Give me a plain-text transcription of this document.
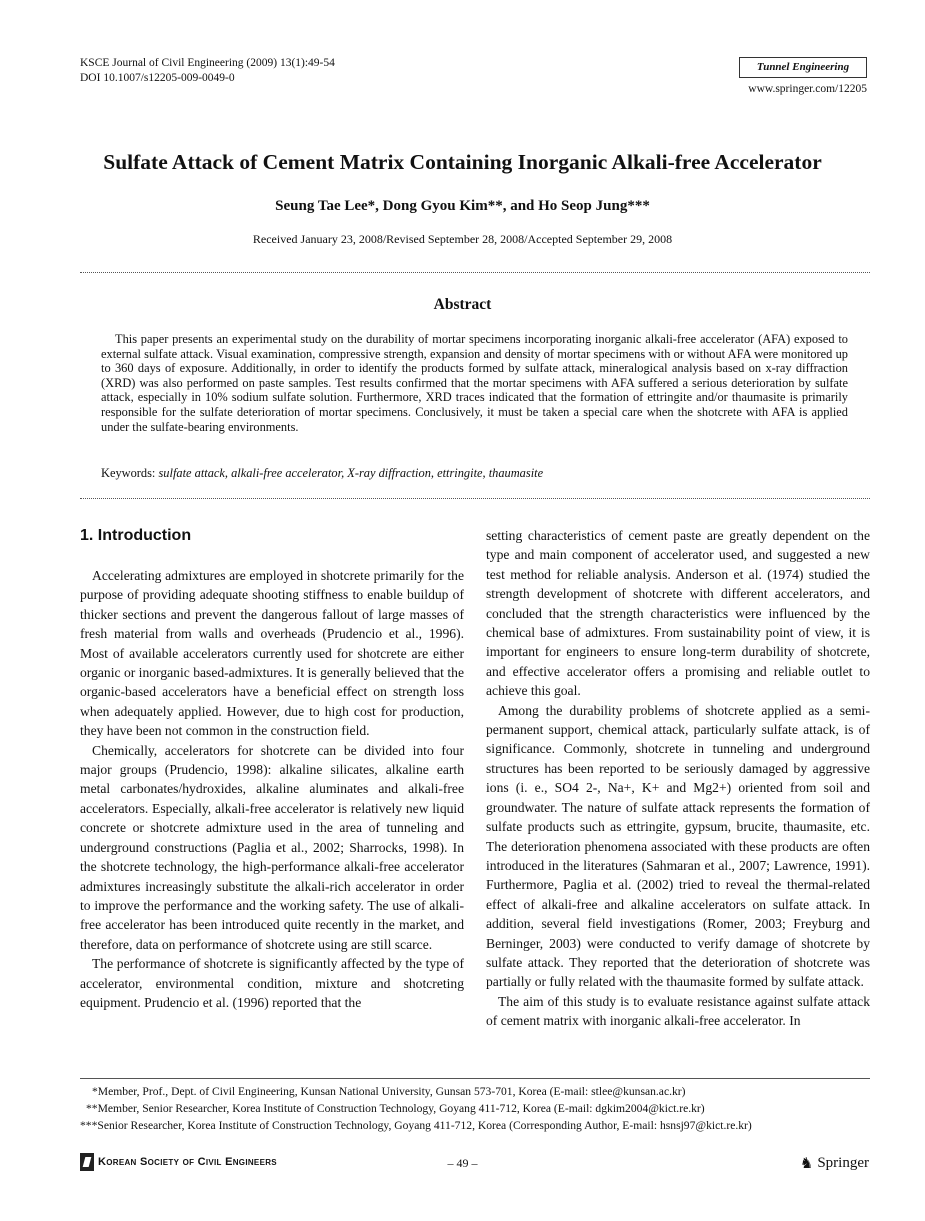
KSCE Journal of Civil Engineering (2009) 13(1):49-54
DOI 10.1007/s12205-009-0049-0
Tunnel Engineering
www.springer.com/12205
Sulfate Attack of Cement Matrix Containing Inorganic Alkali-free Accelerator
Seung Tae Lee*, Dong Gyou Kim**, and Ho Seop Jung***
Received January 23, 2008/Revised September 28, 2008/Accepted September 29, 2008
Abstract
This paper presents an experimental study on the durability of mortar specimens incorporating inorganic alkali-free accelerator (AFA) exposed to external sulfate attack. Visual examination, compressive strength, expansion and density of mortar specimens with or without AFA were monitored up to 360 days of exposure. Additionally, in order to identify the products formed by sulfate attack, mineralogical analysis based on x-ray diffraction (XRD) was also performed on paste samples. Test results confirmed that the mortar specimens with AFA suffered a serious deterioration by sulfate attack, especially in 10% sodium sulfate solution. Furthermore, XRD traces indicated that the formation of ettringite and/or thaumasite is primarily responsible for the sulfate deterioration of mortar specimens. Conclusively, it must be taken a special care when the shotcrete with AFA is applied under the sulfate-bearing environments.
Keywords: sulfate attack, alkali-free accelerator, X-ray diffraction, ettringite, thaumasite
1. Introduction

Accelerating admixtures are employed in shotcrete primarily for the purpose of providing adequate shooting stiffness to enable buildup of thicker sections and prevent the dangerous fallout of large masses of fresh material from walls and overheads (Prudencio et al., 1996). Most of available accelerators currently used for shotcrete are either organic or inorganic based-admixtures. It is generally believed that the organic-based accelerators have a beneficial effect on strength loss when adequately applied. However, due to high cost for production, they have been not common in the construction field.

Chemically, accelerators for shotcrete can be divided into four major groups (Prudencio, 1998): alkaline silicates, alkaline earth metal carbonates/hydroxides, alkaline aluminates and alkali-free accelerators. Especially, alkali-free accelerator is relatively new liquid concrete or shotcrete admixture used in the area of tunneling and underground constructions (Paglia et al., 2002; Sharrocks, 1998). In the shotcrete technology, the high-performance alkali-free accelerator admixtures increasingly substitute the alkali-rich accelerator in order to improve the performance and the working safety. The use of alkali-free accelerator has been introduced quite recently in the market, and therefore, data on performance of shotcrete using are still scarce.

The performance of shotcrete is significantly affected by the type of accelerator, environmental condition, mixture and shotcreting equipment. Prudencio et al. (1996) reported that the

setting characteristics of cement paste are greatly dependent on the type and main component of accelerator used, and suggested a new test method for reliable analysis. Anderson et al. (1974) studied the strength development of shotcrete with different accelerators, and concluded that the strength characteristics were influenced by the chemical base of admixtures. From sustainability point of view, it is important for engineers to ensure long-term durability of shotcrete, and effective accelerator offers a promising and reliable outlet to achieve this goal.

Among the durability problems of shotcrete applied as a semi-permanent support, chemical attack, particularly sulfate attack, is of significance. Commonly, shotcrete in tunneling and underground structures has been reported to be seriously damaged by aggressive ions (i. e., SO4 2-, Na+, K+ and Mg2+) oriented from soil and groundwater. The nature of sulfate attack represents the formation of sulfate products such as ettringite, gypsum, brucite, thaumasite, etc. The deterioration phenomena associated with these products are often introduced in the literatures (Sahmaran et al., 2007; Lawrence, 1991). Furthermore, Paglia et al. (2002) tried to reveal the thermal-related effect of alkali-free and alkaline accelerators on sulfate attack. In addition, several field investigations (Romer, 2003; Freyburg and Berninger, 2003) were conducted to verify damage of shotcrete by sulfate attack. They reported that the deterioration of shotcrete was partially or fully related with the thaumasite formed by sulfate attack.

The aim of this study is to evaluate resistance against sulfate attack of cement matrix with inorganic alkali-free accelerator. In

*Member, Prof., Dept. of Civil Engineering, Kunsan National University, Gunsan 573-701, Korea (E-mail: stlee@kunsan.ac.kr)
**Member, Senior Researcher, Korea Institute of Construction Technology, Goyang 411-712, Korea (E-mail: dgkim2004@kict.re.kr)
***Senior Researcher, Korea Institute of Construction Technology, Goyang 411-712, Korea (Corresponding Author, E-mail: hsnsj97@kict.re.kr)
Korean Society of Civil Engineers	– 49 –	♞ Springer
